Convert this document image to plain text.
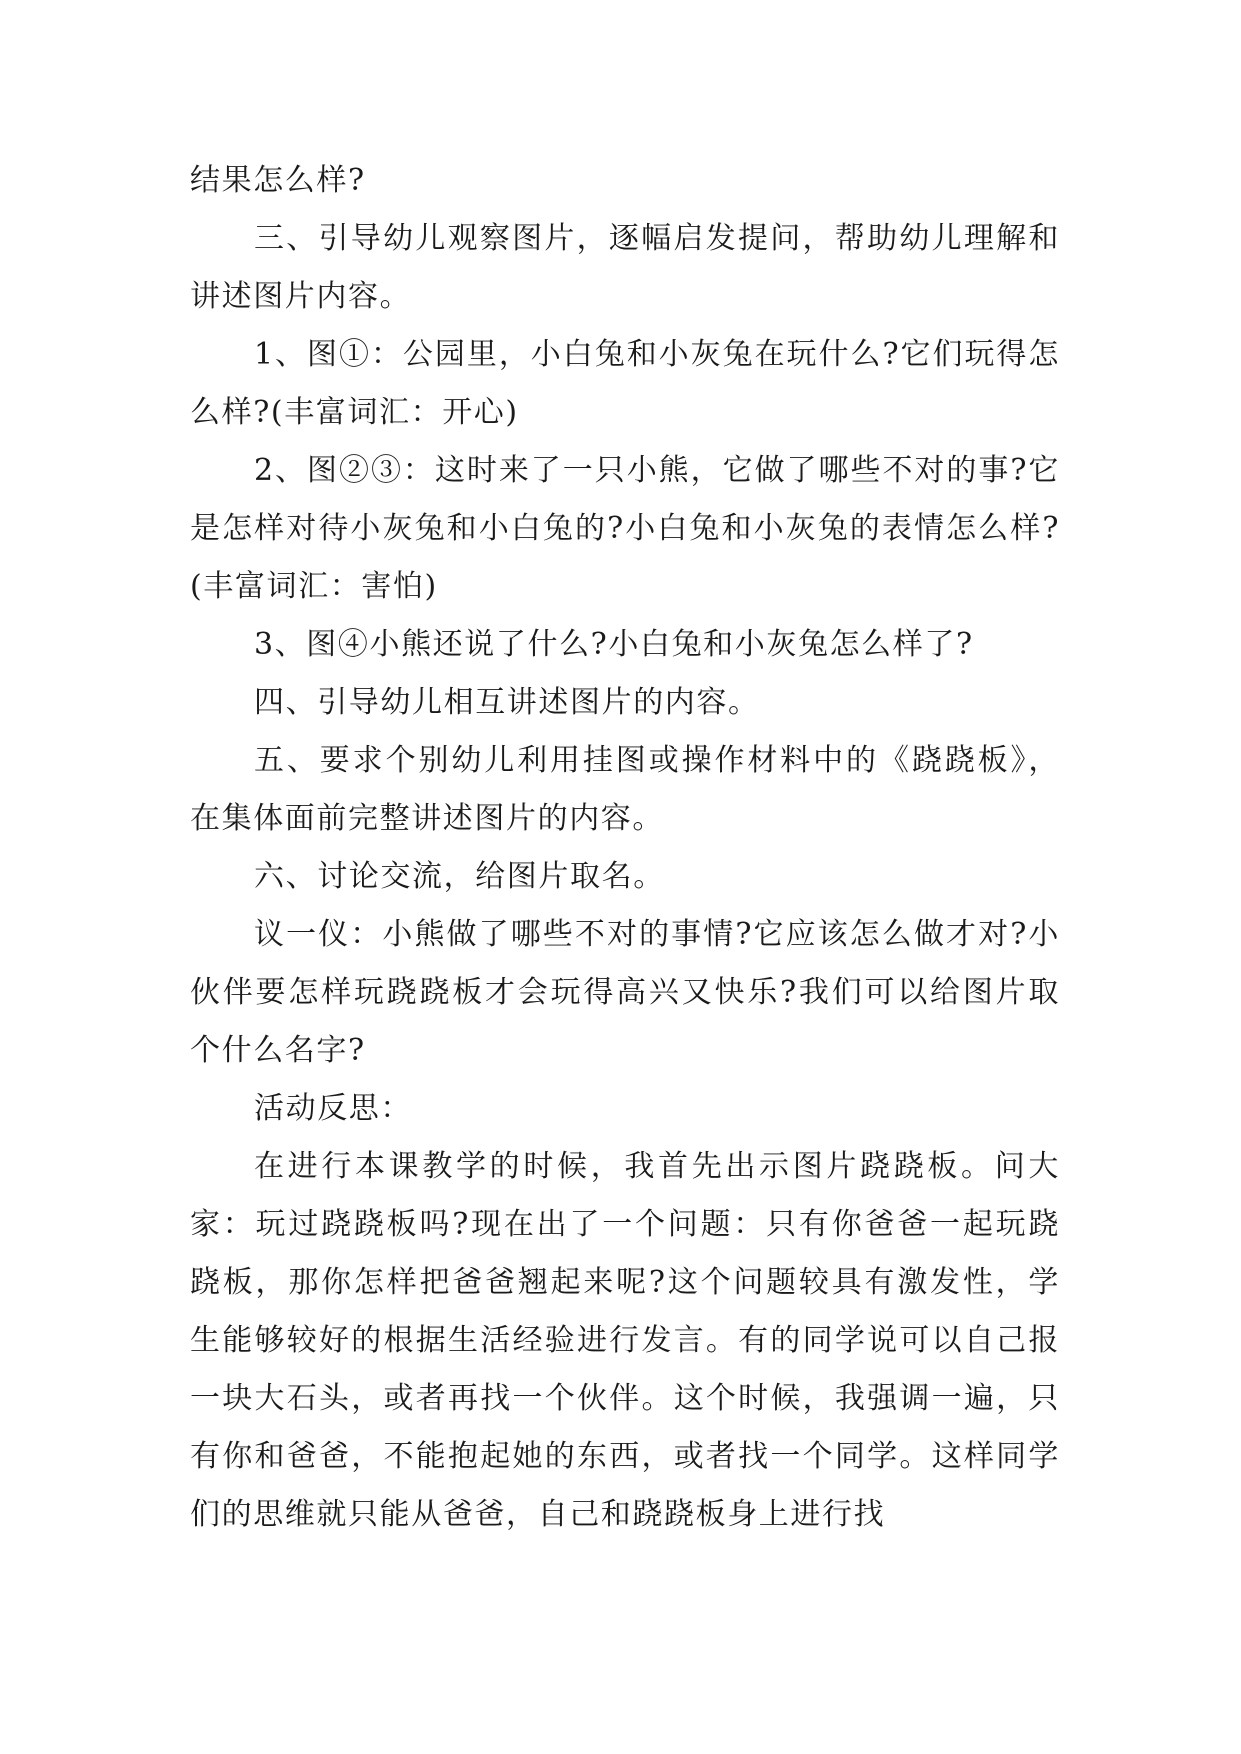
结果怎么样?

三、引导幼儿观察图片，逐幅启发提问，帮助幼儿理解和讲述图片内容。

1、图①：公园里，小白兔和小灰兔在玩什么?它们玩得怎么样?(丰富词汇：开心)

2、图②③：这时来了一只小熊，它做了哪些不对的事?它是怎样对待小灰兔和小白兔的?小白兔和小灰兔的表情怎么样?(丰富词汇：害怕)

3、图④小熊还说了什么?小白兔和小灰兔怎么样了?

四、引导幼儿相互讲述图片的内容。

五、要求个别幼儿利用挂图或操作材料中的《跷跷板》，在集体面前完整讲述图片的内容。

六、讨论交流，给图片取名。

议一仪：小熊做了哪些不对的事情?它应该怎么做才对?小伙伴要怎样玩跷跷板才会玩得高兴又快乐?我们可以给图片取个什么名字?

活动反思：

在进行本课教学的时候，我首先出示图片跷跷板。问大家：玩过跷跷板吗?现在出了一个问题：只有你爸爸一起玩跷跷板，那你怎样把爸爸翘起来呢?这个问题较具有激发性，学生能够较好的根据生活经验进行发言。有的同学说可以自己报一块大石头，或者再找一个伙伴。这个时候，我强调一遍，只有你和爸爸，不能抱起她的东西，或者找一个同学。这样同学们的思维就只能从爸爸，自己和跷跷板身上进行找
